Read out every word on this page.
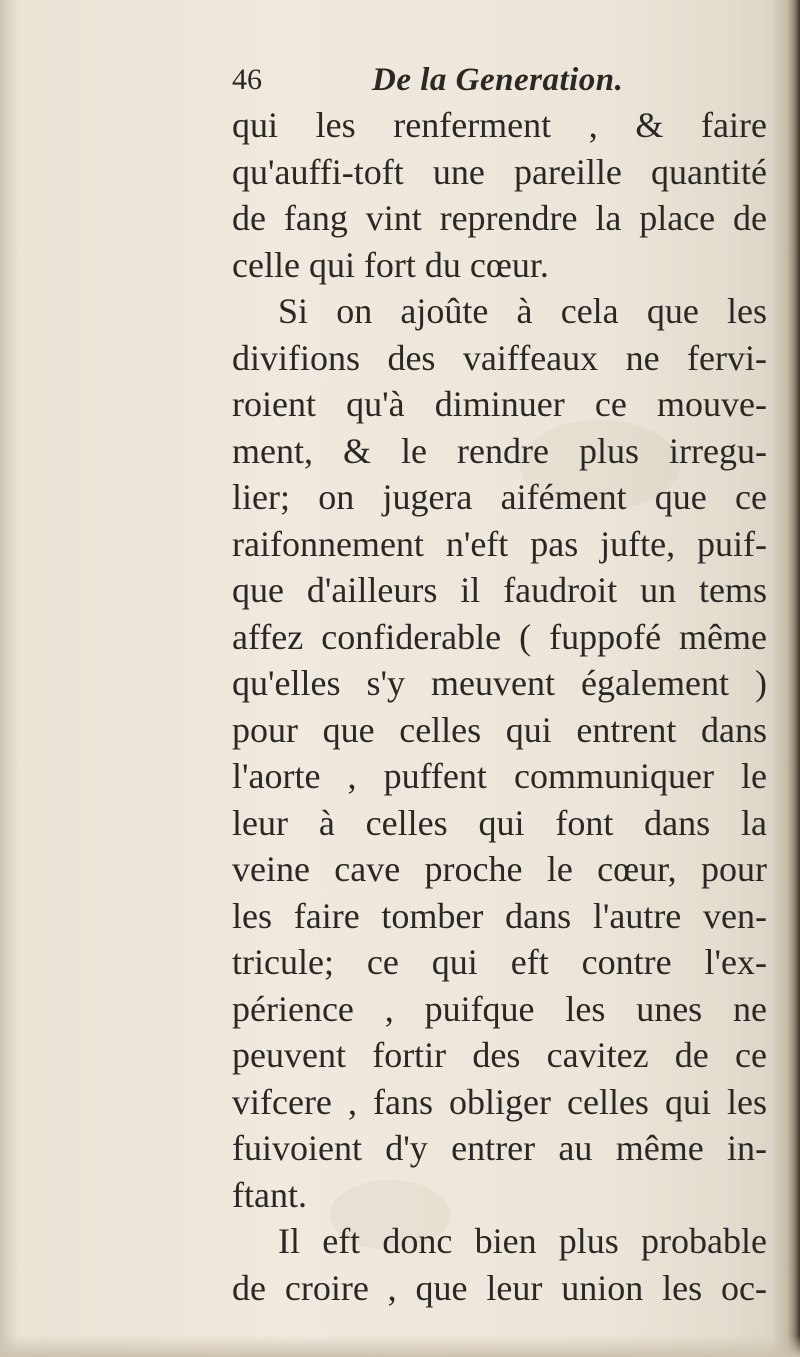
46	De la Generation.
qui les renferment , & faire
qu'auffi-toft une pareille quantité
de fang vint reprendre la place de
celle qui fort du cœur.
Si on ajoûte à cela que les
divifions des vaiffeaux ne fervi-
roient qu'à diminuer ce mouve-
ment, & le rendre plus irregu-
lier; on jugera aifément que ce
raifonnement n'eft pas jufte, puif-
que d'ailleurs il faudroit un tems
affez confiderable ( fuppofé même
qu'elles s'y meuvent également )
pour que celles qui entrent dans
l'aorte , puffent communiquer le
leur à celles qui font dans la
veine cave proche le cœur, pour
les faire tomber dans l'autre ven-
tricule; ce qui eft contre l'ex-
périence , puifque les unes ne
peuvent fortir des cavitez de ce
vifcere , fans obliger celles qui les
fuivoient d'y entrer au même in-
ftant.
Il eft donc bien plus probable
de croire , que leur union les oc-
